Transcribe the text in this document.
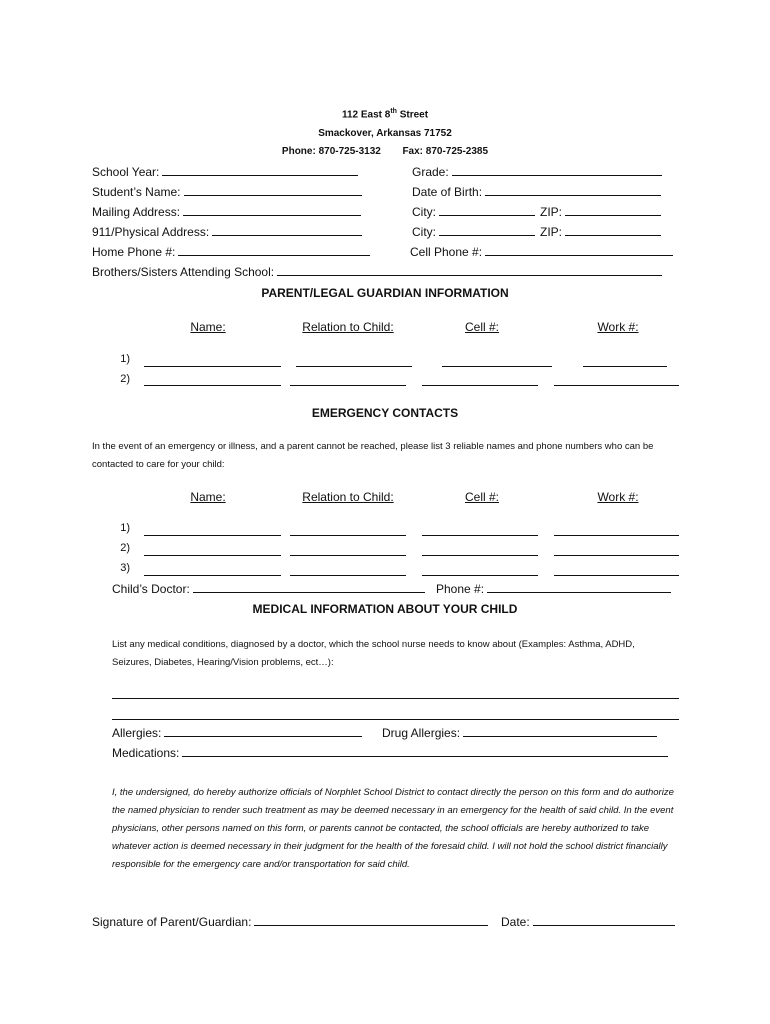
112 East 8th Street
Smackover, Arkansas 71752
Phone: 870-725-3132 Fax: 870-725-2385
School Year:	Grade:
Student’s Name:	Date of Birth:
Mailing Address:	City:	ZIP:
911/Physical Address:	City:	ZIP:
Home Phone #:	Cell Phone #:
Brothers/Sisters Attending School:
PARENT/LEGAL GUARDIAN INFORMATION
Name:	Relation to Child:	Cell #:	Work #:
1)
2)
EMERGENCY CONTACTS
In the event of an emergency or illness, and a parent cannot be reached, please list 3 reliable names and phone numbers who can be contacted to care for your child:
Name:	Relation to Child:	Cell #:	Work #:
1)
2)
3)
Child’s Doctor:	Phone #:
MEDICAL INFORMATION ABOUT YOUR CHILD
List any medical conditions, diagnosed by a doctor, which the school nurse needs to know about (Examples: Asthma, ADHD, Seizures, Diabetes, Hearing/Vision problems, ect…):
Allergies:	Drug Allergies:
Medications:
I, the undersigned, do hereby authorize officials of Norphlet School District to contact directly the person on this form and do authorize the named physician to render such treatment as may be deemed necessary in an emergency for the health of said child. In the event physicians, other persons named on this form, or parents cannot be contacted, the school officials are hereby authorized to take whatever action is deemed necessary in their judgment for the health of the foresaid child. I will not hold the school district financially responsible for the emergency care and/or transportation for said child.
Signature of Parent/Guardian:	Date:
